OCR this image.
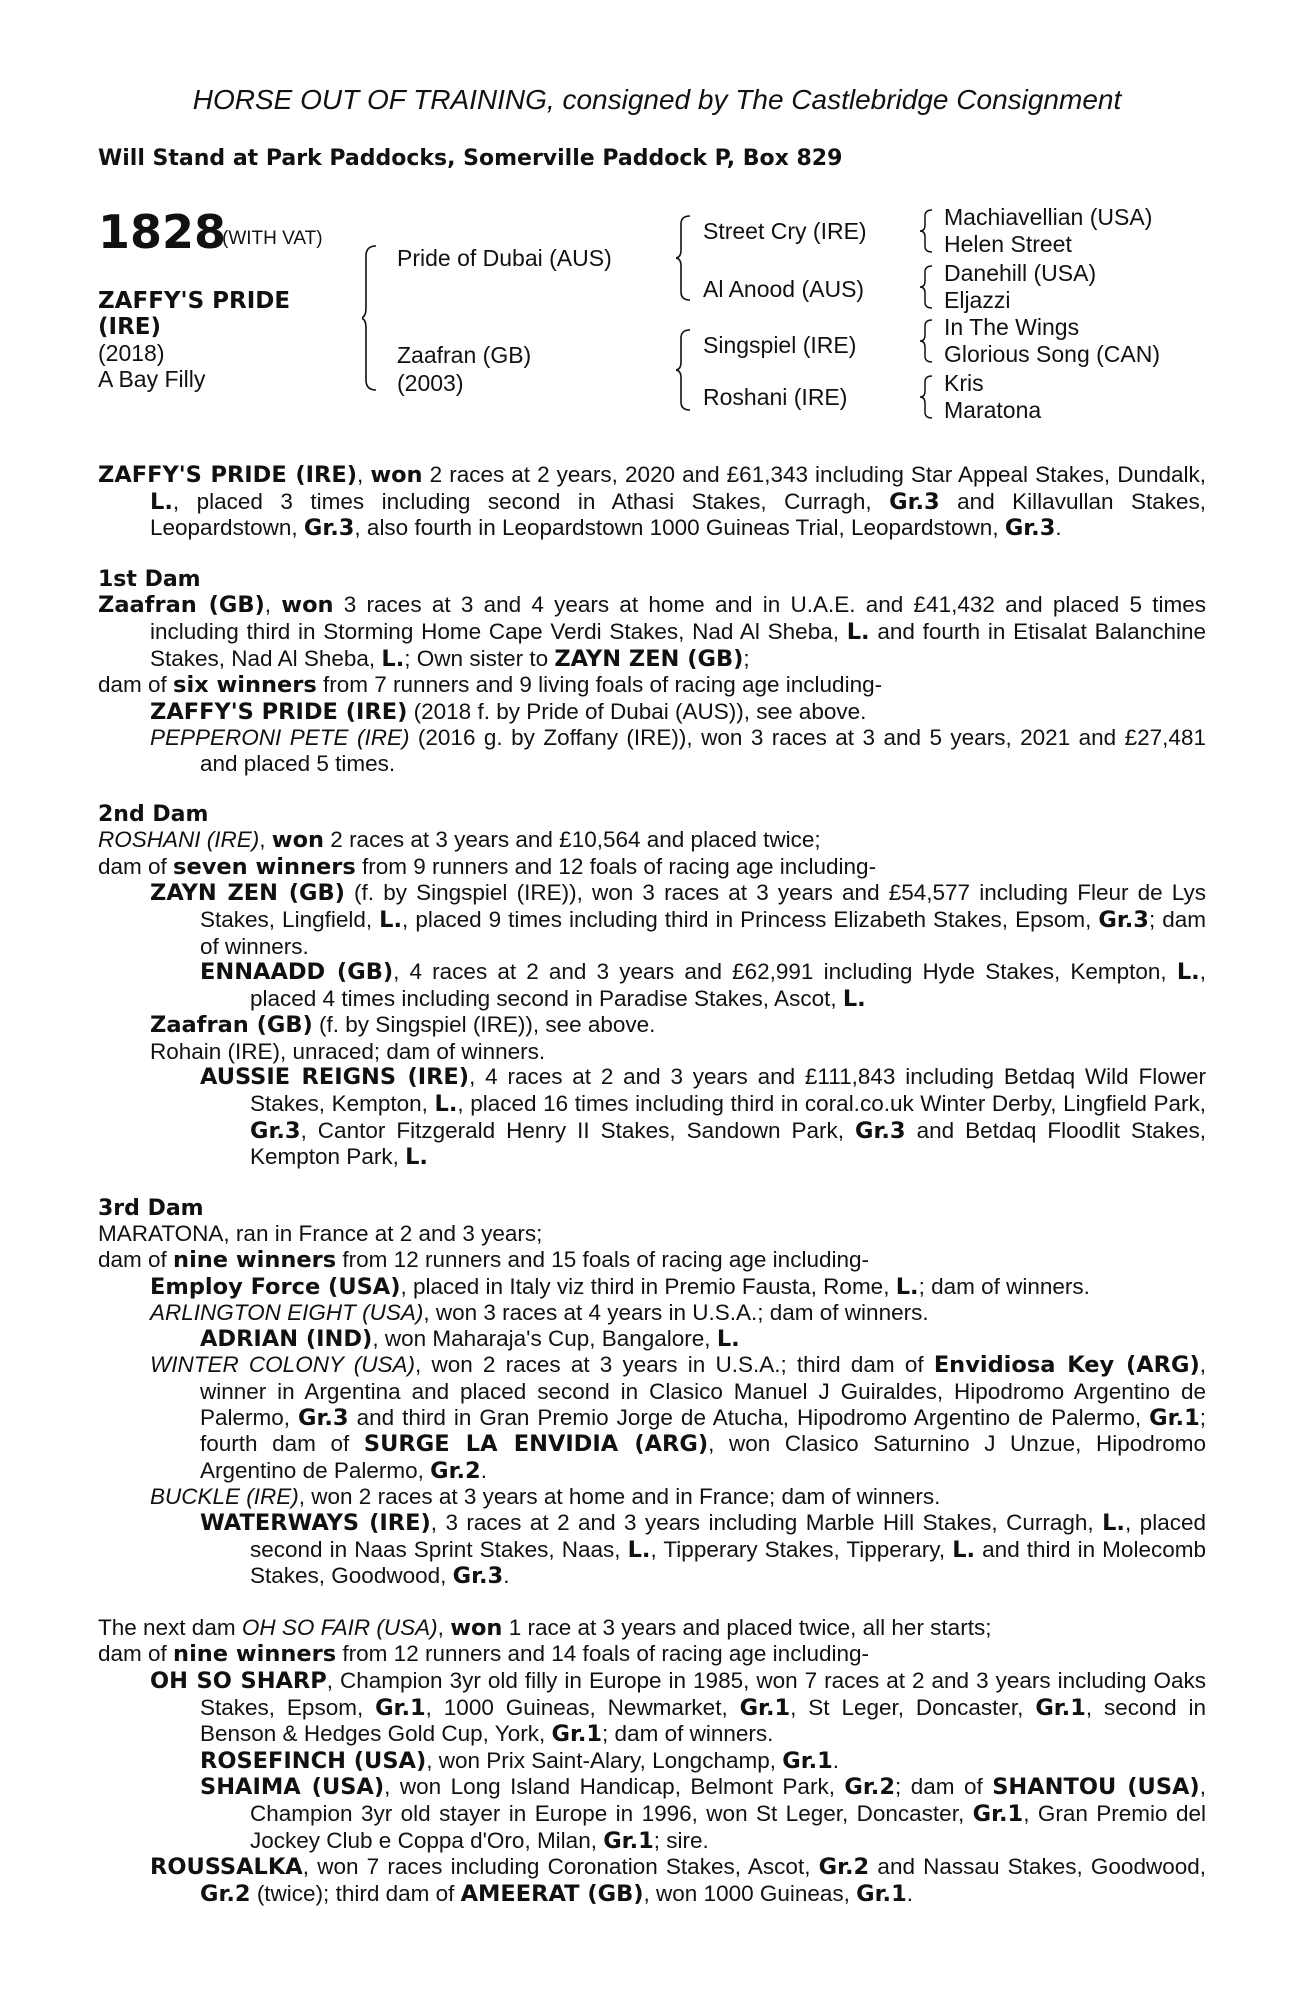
HORSE OUT OF TRAINING, consigned by The Castlebridge Consignment
Will Stand at Park Paddocks, Somerville Paddock P, Box 829
1828
(WITH VAT)
ZAFFY'S PRIDE
(IRE)
(2018)
A Bay Filly
Pride of Dubai (AUS)
Zaafran (GB)
(2003)
Street Cry (IRE)
Al Anood (AUS)
Singspiel (IRE)
Roshani (IRE)
Machiavellian (USA)
Helen Street
Danehill (USA)
Eljazzi
In The Wings
Glorious Song (CAN)
Kris
Maratona

ZAFFY'S PRIDE (IRE), won 2 races at 2 years, 2020 and £61,343 including Star Appeal Stakes, Dundalk, L., placed 3 times including second in Athasi Stakes, Curragh, Gr.3 and Killavullan Stakes, Leopardstown, Gr.3, also fourth in Leopardstown 1000 Guineas Trial, Leopardstown, Gr.3.

1st Dam

Zaafran (GB), won 3 races at 3 and 4 years at home and in U.A.E. and £41,432 and placed 5 times including third in Storming Home Cape Verdi Stakes, Nad Al Sheba, L. and fourth in Etisalat Balanchine Stakes, Nad Al Sheba, L.; Own sister to ZAYN ZEN (GB);

dam of six winners from 7 runners and 9 living foals of racing age including-

ZAFFY'S PRIDE (IRE) (2018 f. by Pride of Dubai (AUS)), see above.

PEPPERONI PETE (IRE) (2016 g. by Zoffany (IRE)), won 3 races at 3 and 5 years, 2021 and £27,481 and placed 5 times.

2nd Dam

ROSHANI (IRE), won 2 races at 3 years and £10,564 and placed twice;

dam of seven winners from 9 runners and 12 foals of racing age including-

ZAYN ZEN (GB) (f. by Singspiel (IRE)), won 3 races at 3 years and £54,577 including Fleur de Lys Stakes, Lingfield, L., placed 9 times including third in Princess Elizabeth Stakes, Epsom, Gr.3; dam of winners.

ENNAADD (GB), 4 races at 2 and 3 years and £62,991 including Hyde Stakes, Kempton, L., placed 4 times including second in Paradise Stakes, Ascot, L.

Zaafran (GB) (f. by Singspiel (IRE)), see above.

Rohain (IRE), unraced; dam of winners.

AUSSIE REIGNS (IRE), 4 races at 2 and 3 years and £111,843 including Betdaq Wild Flower Stakes, Kempton, L., placed 16 times including third in coral.co.uk Winter Derby, Lingfield Park, Gr.3, Cantor Fitzgerald Henry II Stakes, Sandown Park, Gr.3 and Betdaq Floodlit Stakes, Kempton Park, L.

3rd Dam

MARATONA, ran in France at 2 and 3 years;

dam of nine winners from 12 runners and 15 foals of racing age including-

Employ Force (USA), placed in Italy viz third in Premio Fausta, Rome, L.; dam of winners.

ARLINGTON EIGHT (USA), won 3 races at 4 years in U.S.A.; dam of winners.

ADRIAN (IND), won Maharaja's Cup, Bangalore, L.

WINTER COLONY (USA), won 2 races at 3 years in U.S.A.; third dam of Envidiosa Key (ARG), winner in Argentina and placed second in Clasico Manuel J Guiraldes, Hipodromo Argentino de Palermo, Gr.3 and third in Gran Premio Jorge de Atucha, Hipodromo Argentino de Palermo, Gr.1; fourth dam of SURGE LA ENVIDIA (ARG), won Clasico Saturnino J Unzue, Hipodromo Argentino de Palermo, Gr.2.

BUCKLE (IRE), won 2 races at 3 years at home and in France; dam of winners.

WATERWAYS (IRE), 3 races at 2 and 3 years including Marble Hill Stakes, Curragh, L., placed second in Naas Sprint Stakes, Naas, L., Tipperary Stakes, Tipperary, L. and third in Molecomb Stakes, Goodwood, Gr.3.

The next dam OH SO FAIR (USA), won 1 race at 3 years and placed twice, all her starts;

dam of nine winners from 12 runners and 14 foals of racing age including-

OH SO SHARP, Champion 3yr old filly in Europe in 1985, won 7 races at 2 and 3 years including Oaks Stakes, Epsom, Gr.1, 1000 Guineas, Newmarket, Gr.1, St Leger, Doncaster, Gr.1, second in Benson & Hedges Gold Cup, York, Gr.1; dam of winners.

ROSEFINCH (USA), won Prix Saint-Alary, Longchamp, Gr.1.

SHAIMA (USA), won Long Island Handicap, Belmont Park, Gr.2; dam of SHANTOU (USA), Champion 3yr old stayer in Europe in 1996, won St Leger, Doncaster, Gr.1, Gran Premio del Jockey Club e Coppa d'Oro, Milan, Gr.1; sire.

ROUSSALKA, won 7 races including Coronation Stakes, Ascot, Gr.2 and Nassau Stakes, Goodwood, Gr.2 (twice); third dam of AMEERAT (GB), won 1000 Guineas, Gr.1.
